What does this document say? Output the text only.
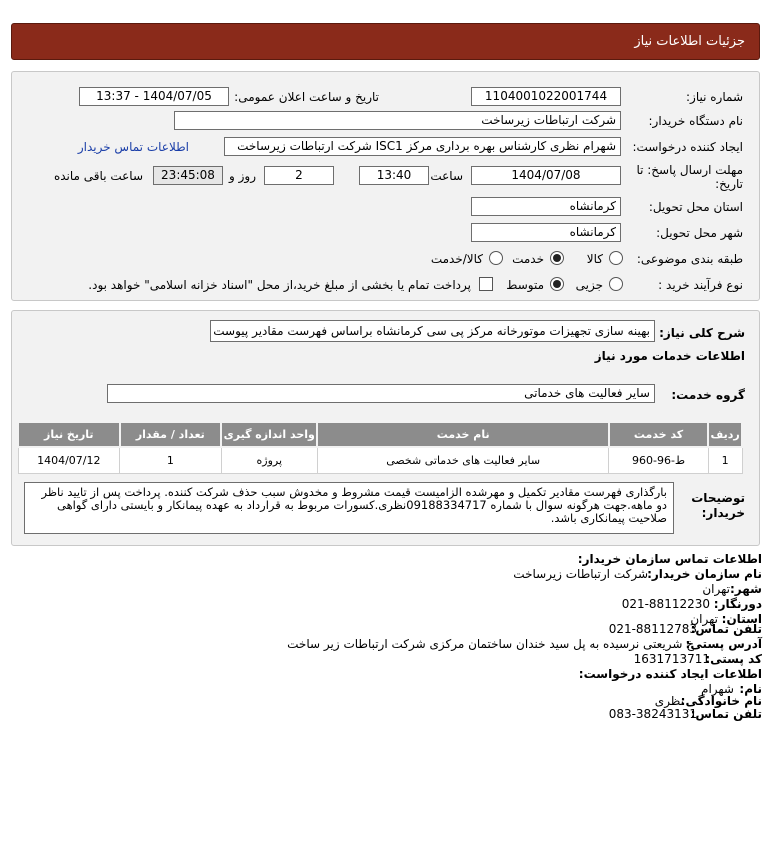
جزئیات اطلاعات نیاز
شماره نیاز:
1104001022001744
تاریخ و ساعت اعلان عمومی:
1404/07/05 - 13:37
نام دستگاه خریدار:
شرکت ارتباطات زیرساخت
ایجاد کننده درخواست:
شهرام نظری کارشناس بهره برداری مرکز ISC1 شرکت ارتباطات زیرساخت
اطلاعات تماس خریدار
مهلت ارسال پاسخ: تا تاریخ:
1404/07/08
ساعت
13:40
2
روز و
23:45:08
ساعت باقی مانده
استان محل تحویل:
کرمانشاه
شهر محل تحویل:
کرمانشاه
طبقه بندی موضوعی:
کالا
خدمت
کالا/خدمت
نوع فرآیند خرید :
جزیی
متوسط
پرداخت تمام یا بخشی از مبلغ خرید،از محل "اسناد خزانه اسلامی" خواهد بود.
شرح کلی نیاز:
بهینه سازی تجهیزات موتورخانه مرکز پی سی کرمانشاه براساس فهرست مقادیر پیوست
اطلاعات خدمات مورد نیاز
گروه خدمت:
سایر فعالیت های خدماتی
توضیحات خریدار:
بارگذاری فهرست مقادیر تکمیل و مهرشده الزامیست قیمت مشروط و مخدوش سبب حذف شرکت کنندە. پرداخت پس از تایید ناظر دو ماهه.جهت هرگونه سوال با شماره 09188334717نظری.کسورات مربوط به قرارداد به عهده پیمانکار و بایستی دارای گواهی صلاحیت پیمانکاری باشد.
ردیف	کد خدمت	نام خدمت	واحد اندازه گیری	تعداد / مقدار	تاریخ نیاز
1	ط-96-960	سایر فعالیت های خدماتی شخصی	پروژه	1	1404/07/12
اطلاعات تماس سازمان خریدار:
نام سازمان خریدار:
شرکت ارتباطات زیرساخت
شهر:
تهران
دورنگار:
021-88112230
استان:
تهران
تلفن تماس:
021-88112783
آدرس پستی:
خ شریعتی نرسیده به پل سید خندان ساختمان مرکزی شرکت ارتباطات زیر ساخت
کد پستی:
1631713711
اطلاعات ایجاد کننده درخواست:
نام:
شهرام
نام خانوادگی:
نظری
تلفن تماس:
083-38243131
